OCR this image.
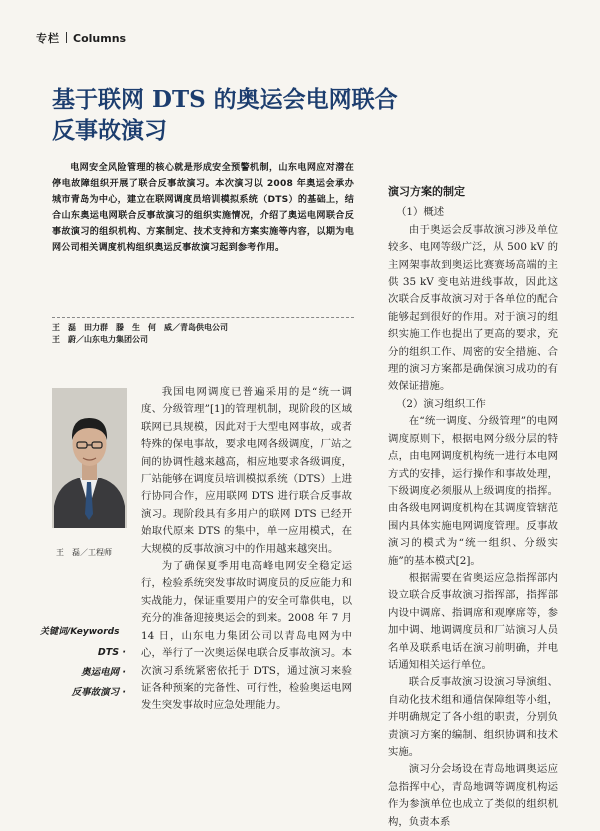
专栏 Columns
基于联网 DTS 的奥运会电网联合
反事故演习
电网安全风险管理的核心就是形成安全预警机制，山东电网应对潜在停电故障组织开展了联合反事故演习。本次演习以 2008 年奥运会承办城市青岛为中心，建立在联网调度员培训模拟系统（DTS）的基础上，结合山东奥运电网联合反事故演习的组织实施情况，介绍了奥运电网联合反事故演习的组织机构、方案制定、技术支持和方案实施等内容，以期为电网公司相关调度机构组织奥运反事故演习起到参考作用。
王　磊　田力群　滕　生　何　威／青岛供电公司
王　蔚／山东电力集团公司
王　磊／工程师
关键词/Keywords
DTS ·
奥运电网 ·
反事故演习 ·

我国电网调度已普遍采用的是“统一调度、分级管理”[1]的管理机制，现阶段的区域联网已具规模，因此对于大型电网事故，或者特殊的保电事故，要求电网各级调度，厂站之间的协调性越来越高，相应地要求各级调度，厂站能够在调度员培训模拟系统（DTS）上进行协同合作，应用联网 DTS 进行联合反事故演习。现阶段具有多用户的联网 DTS 已经开始取代原来 DTS 的集中，单一应用模式，在大规模的反事故演习中的作用越来越突出。

为了确保夏季用电高峰电网安全稳定运行，检验系统突发事故时调度员的反应能力和实战能力，保证重要用户的安全可靠供电，以充分的准备迎接奥运会的到来。2008 年 7 月 14 日，山东电力集团公司以青岛电网为中心，举行了一次奥运保电联合反事故演习。本次演习系统紧密依托于 DTS，通过演习来验证各种预案的完备性、可行性，检验奥运电网发生突发事故时应急处理能力。

演习方案的制定

（1）概述

由于奥运会反事故演习涉及单位较多、电网等级广泛，从 500 kV 的主网架事故到奥运比赛赛场高端的主供 35 kV 变电站进线事故，因此这次联合反事故演习对于各单位的配合能够起到很好的作用。对于演习的组织实施工作也提出了更高的要求，充分的组织工作、周密的安全措施、合理的演习方案都是确保演习成功的有效保证措施。

（2）演习组织工作

在“统一调度、分级管理”的电网调度原则下，根据电网分级分层的特点，由电网调度机构统一进行本电网方式的安排，运行操作和事故处理，下级调度必须服从上级调度的指挥。由各级电网调度机构在其调度管辖范围内具体实施电网调度管理。反事故演习的模式为“统一组织、分级实施”的基本模式[2]。

根据需要在省奥运应急指挥部内设立联合反事故演习指挥部，指挥部内设中调席、指调席和观摩席等，参加中调、地调调度员和厂站演习人员名单及联系电话在演习前明确，并电话通知相关运行单位。

联合反事故演习设演习导演组、自动化技术组和通信保障组等小组，并明确规定了各小组的职责，分别负责演习方案的编制、组织协调和技术实施。

演习分会场设在青岛地调奥运应急指挥中心，青岛地调等调度机构运作为参演单位也成立了类似的组织机构，负责本系
